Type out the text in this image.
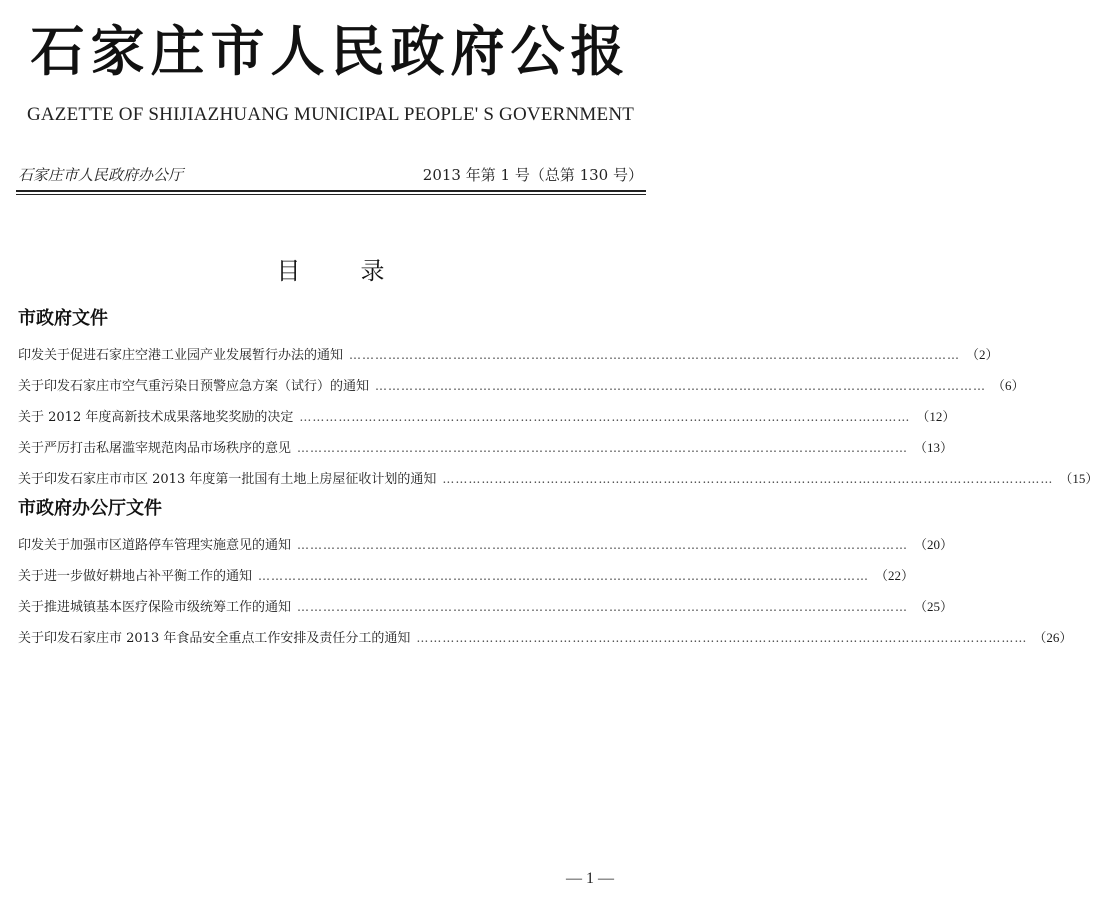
石家庄市人民政府公报
GAZETTE OF SHIJIAZHUANG MUNICIPAL PEOPLE' S GOVERNMENT
石家庄市人民政府办公厅	2013 年第 1 号（总第 130 号）
目录
市政府文件
印发关于促进石家庄空港工业园产业发展暂行办法的通知 …………………………………………………………………………………………………………………………… （2）
关于印发石家庄市空气重污染日预警应急方案（试行）的通知 …………………………………………………………………………………………………………………………… （6）
关于 2012 年度高新技术成果落地奖奖励的决定 …………………………………………………………………………………………………………………………… （12）
关于严厉打击私屠滥宰规范肉品市场秩序的意见 …………………………………………………………………………………………………………………………… （13）
关于印发石家庄市市区 2013 年度第一批国有土地上房屋征收计划的通知 …………………………………………………………………………………………………………………………… （15）
市政府办公厅文件
印发关于加强市区道路停车管理实施意见的通知 …………………………………………………………………………………………………………………………… （20）
关于进一步做好耕地占补平衡工作的通知 …………………………………………………………………………………………………………………………… （22）
关于推进城镇基本医疗保险市级统筹工作的通知 …………………………………………………………………………………………………………………………… （25）
关于印发石家庄市 2013 年食品安全重点工作安排及责任分工的通知 …………………………………………………………………………………………………………………………… （26）
— 1 —
